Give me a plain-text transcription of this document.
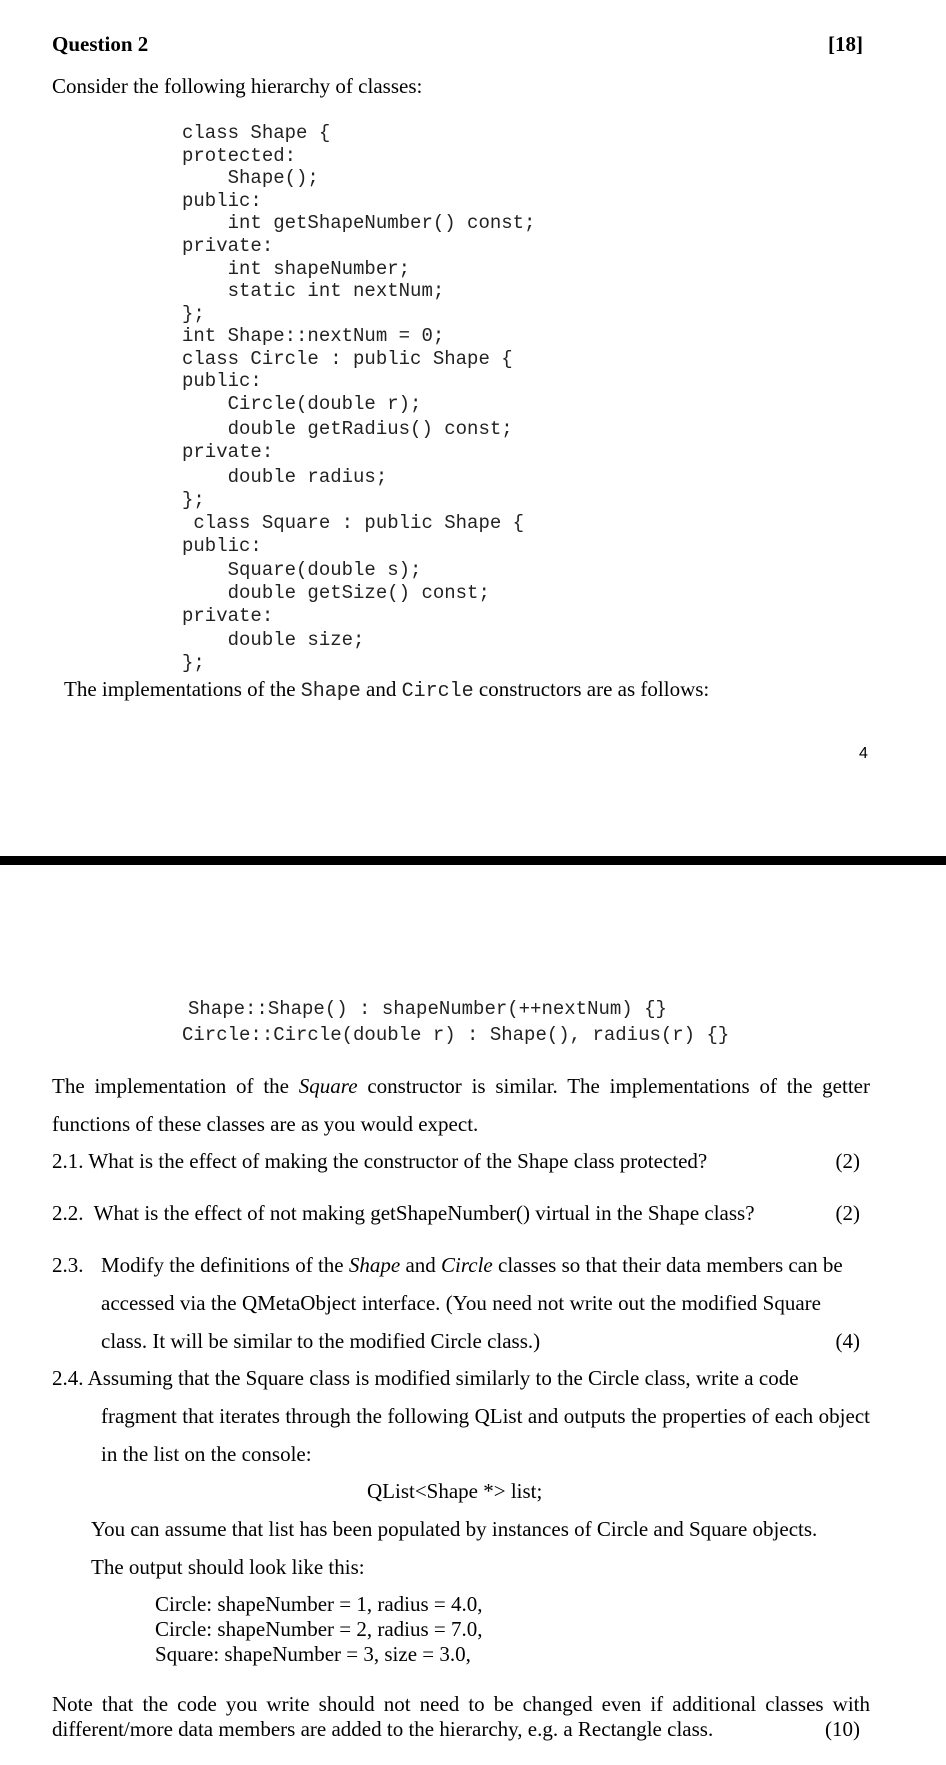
Question 2	[18]
Consider the following hierarchy of classes:
class Shape {
protected:
Shape();
public:
int getShapeNumber() const;
private:
int shapeNumber;
static int nextNum;
};
int Shape::nextNum = 0;
class Circle : public Shape {
public:
Circle(double r);
double getRadius() const;
private:
double radius;
};
class Square : public Shape {
public:
Square(double s);
double getSize() const;
private:
double size;
};
The implementations of the Shape and Circle constructors are as follows:
4
Shape::Shape() : shapeNumber(++nextNum) {}
Circle::Circle(double r) : Shape(), radius(r) {}
The implementation of the Square constructor is similar. The implementations of the getter functions of these classes are as you would expect.
2.1. What is the effect of making the constructor of the Shape class protected?	(2)
2.2.  What is the effect of not making getShapeNumber() virtual in the Shape class?	(2)
2.3. Modify the definitions of the Shape and Circle classes so that their data members can be
accessed via the QMetaObject interface. (You need not write out the modified Square class. It will be similar to the modified Circle class.)	(4)
2.4. Assuming that the Square class is modified similarly to the Circle class, write a code
fragment that iterates through the following QList and outputs the properties of each object in the list on the console:
QList<Shape *> list;
You can assume that list has been populated by instances of Circle and Square objects.
The output should look like this:
Circle: shapeNumber = 1, radius = 4.0,
Circle: shapeNumber = 2, radius = 7.0,
Square: shapeNumber = 3, size = 3.0,
Note that the code you write should not need to be changed even if additional classes with
different/more data members are added to the hierarchy, e.g. a Rectangle class.	(10)
